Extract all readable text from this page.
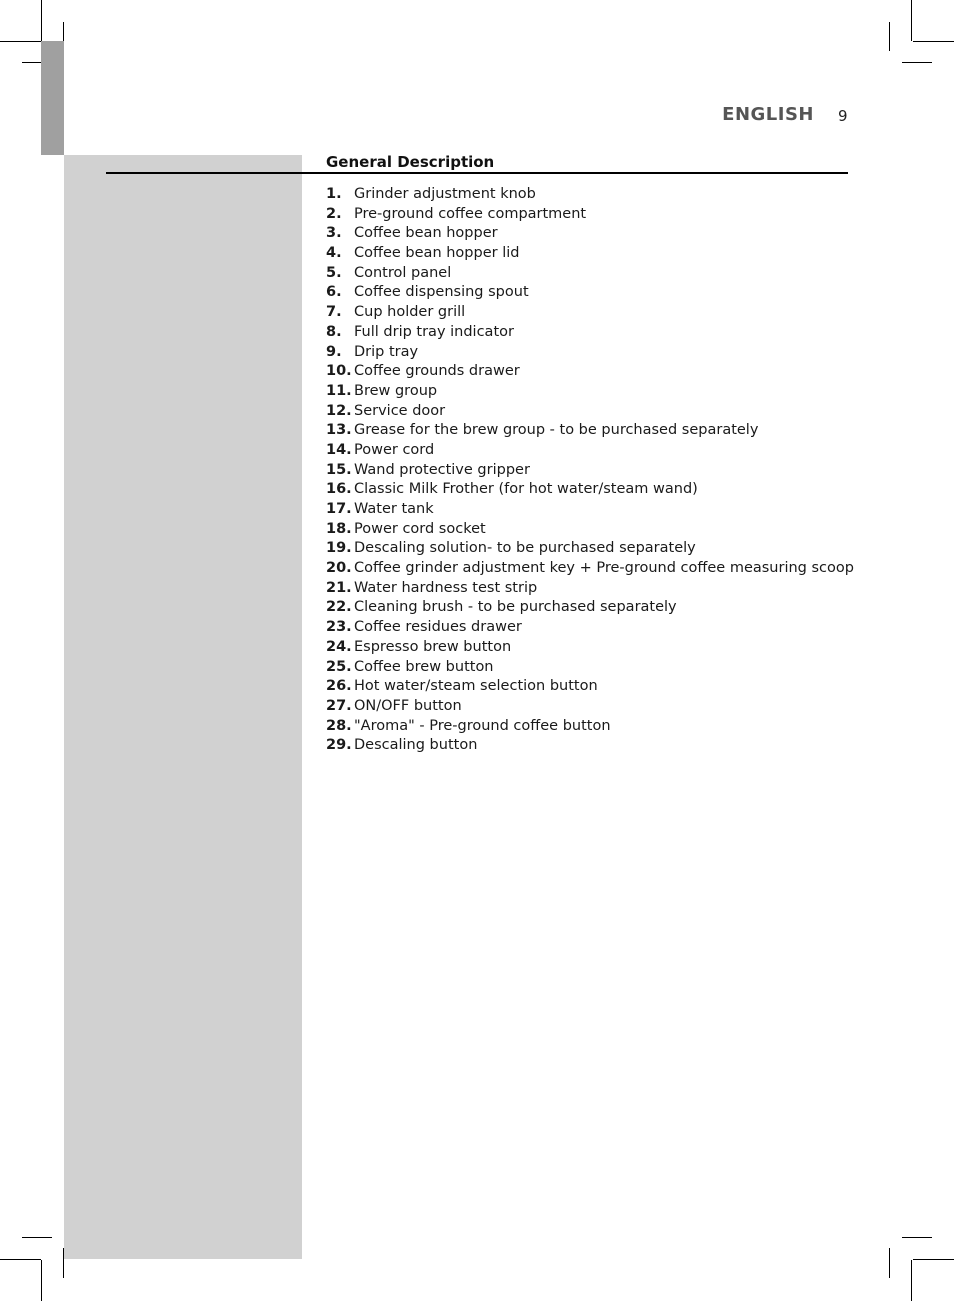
ENGLISH 9
General Description
1. Grinder adjustment knob
2. Pre-ground coffee compartment
3. Coffee bean hopper
4. Coffee bean hopper lid
5. Control panel
6. Coffee dispensing spout
7. Cup holder grill
8. Full drip tray indicator
9. Drip tray
10. Coffee grounds drawer
11. Brew group
12. Service door
13. Grease for the brew group - to be purchased separately
14. Power cord
15. Wand protective gripper
16. Classic Milk Frother (for hot water/steam wand)
17. Water tank
18. Power cord socket
19. Descaling solution- to be purchased separately
20. Coffee grinder adjustment key + Pre-ground coffee measuring scoop
21. Water hardness test strip
22. Cleaning brush - to be purchased separately
23. Coffee residues drawer
24. Espresso brew button
25. Coffee brew button
26. Hot water/steam selection button
27. ON/OFF button
28. "Aroma" - Pre-ground coffee button
29. Descaling button
